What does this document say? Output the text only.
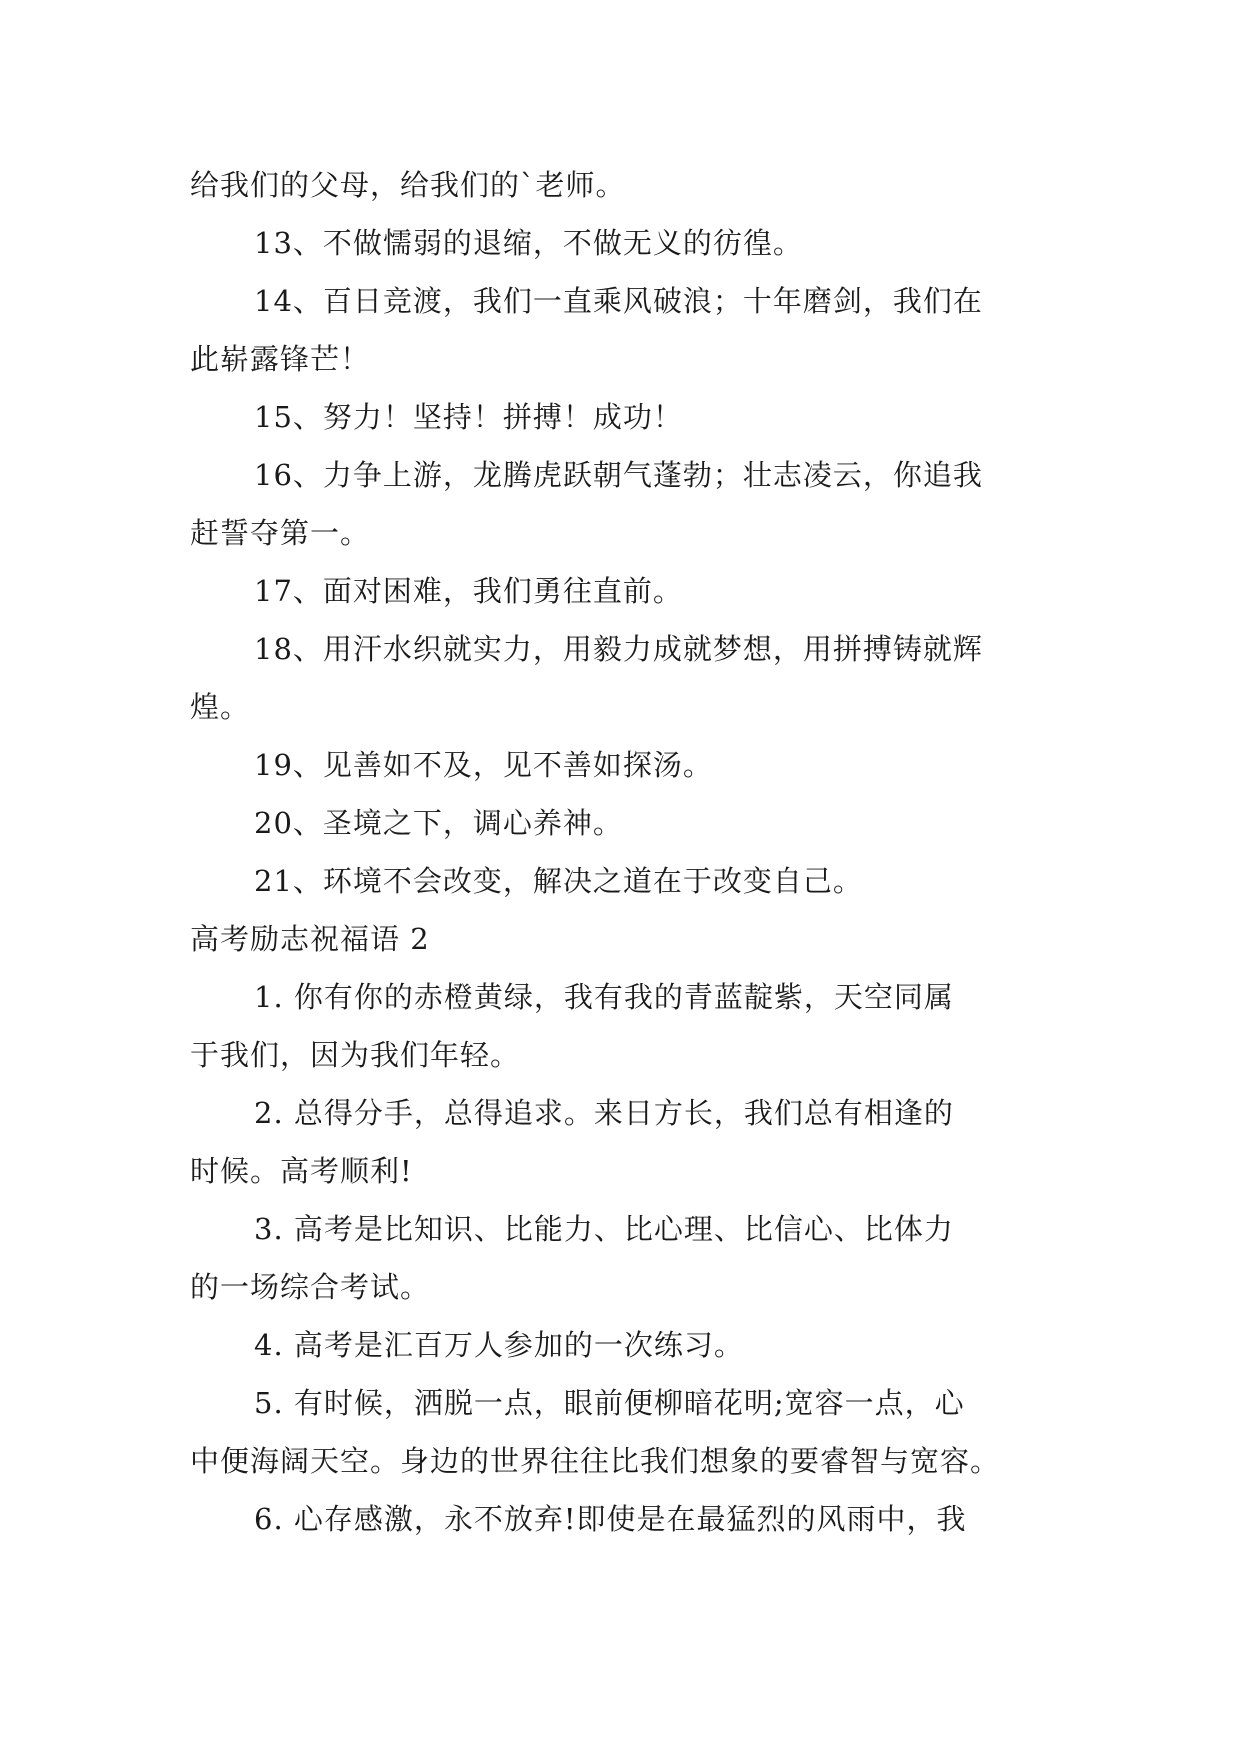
给我们的父母，给我们的`老师。
13、不做懦弱的退缩，不做无义的彷徨。
14、百日竞渡，我们一直乘风破浪；十年磨剑，我们在
此崭露锋芒！
15、努力！坚持！拼搏！成功！
16、力争上游，龙腾虎跃朝气蓬勃；壮志凌云，你追我
赶誓夺第一。
17、面对困难，我们勇往直前。
18、用汗水织就实力，用毅力成就梦想，用拼搏铸就辉
煌。
19、见善如不及，见不善如探汤。
20、圣境之下，调心养神。
21、环境不会改变，解决之道在于改变自己。
高考励志祝福语 2
1. 你有你的赤橙黄绿，我有我的青蓝靛紫，天空同属
于我们，因为我们年轻。
2. 总得分手，总得追求。来日方长，我们总有相逢的
时候。高考顺利!
3. 高考是比知识、比能力、比心理、比信心、比体力
的一场综合考试。
4. 高考是汇百万人参加的一次练习。
5. 有时候，洒脱一点，眼前便柳暗花明;宽容一点，心
中便海阔天空。身边的世界往往比我们想象的要睿智与宽容。
6. 心存感激，永不放弃!即使是在最猛烈的风雨中，我
